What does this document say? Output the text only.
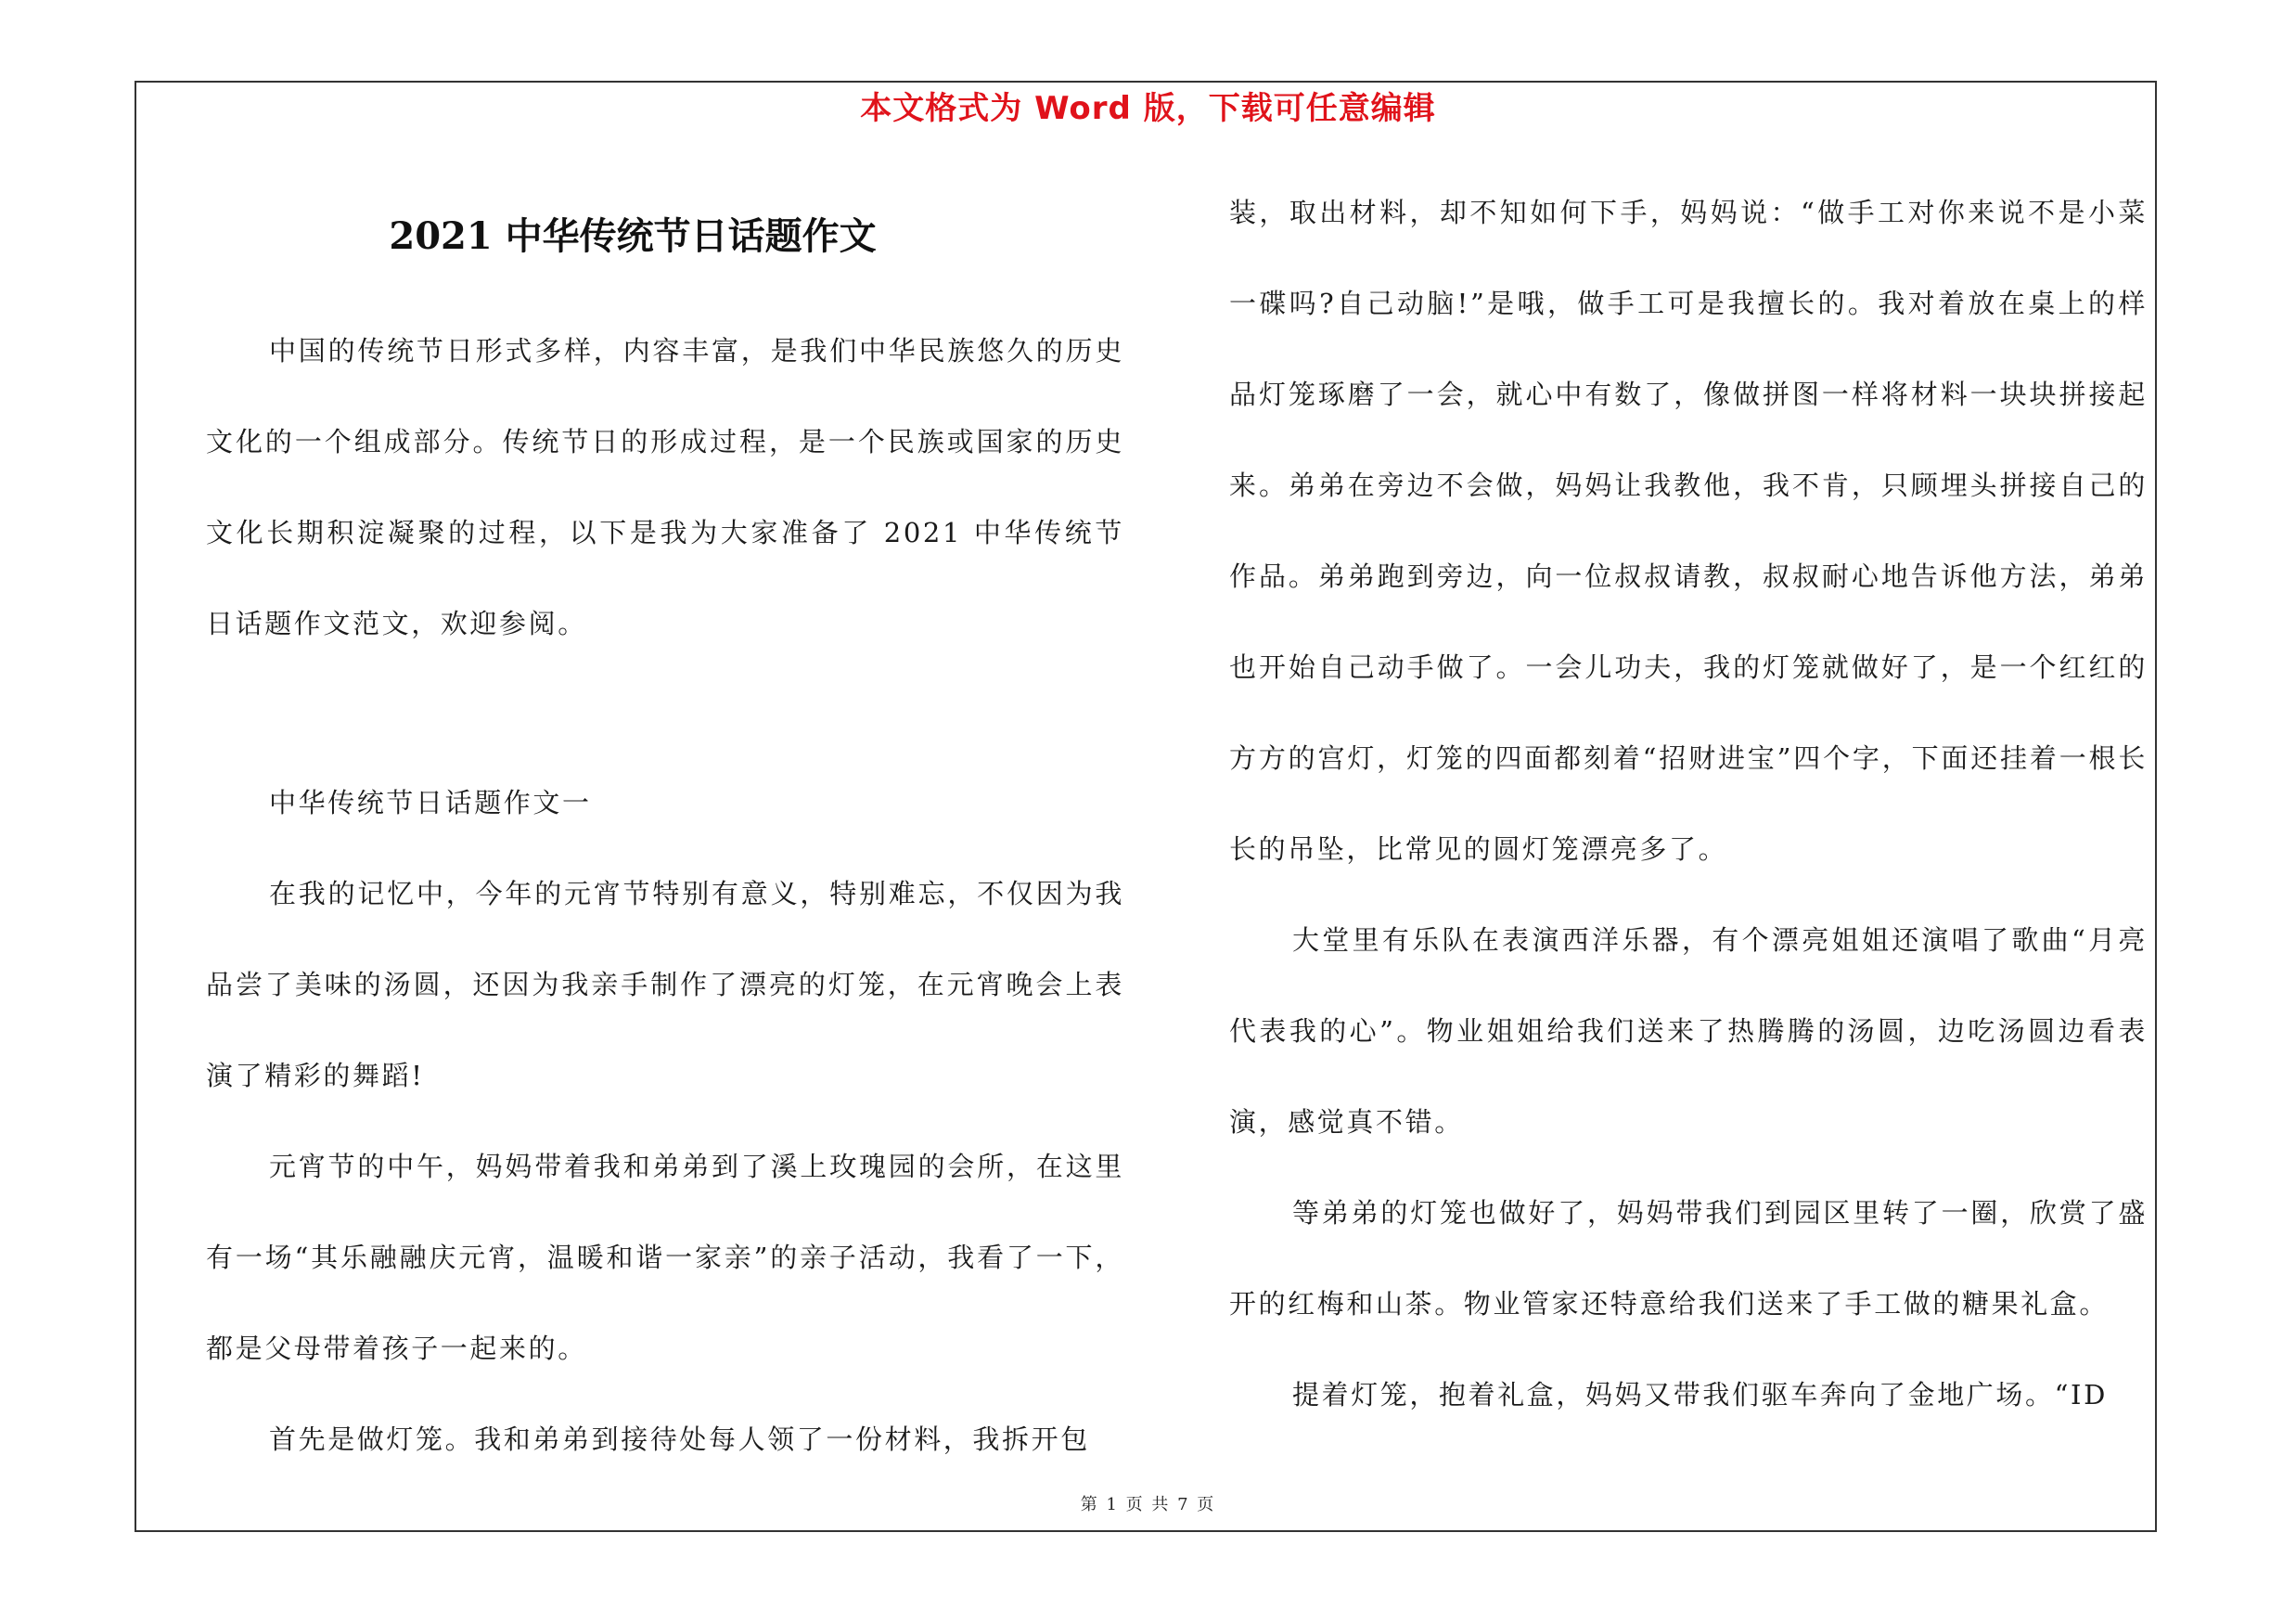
本文格式为 Word 版，下载可任意编辑
2021 中华传统节日话题作文
中国的传统节日形式多样，内容丰富，是我们中华民族悠久的历史文化的一个组成部分。传统节日的形成过程，是一个民族或国家的历史文化长期积淀凝聚的过程，以下是我为大家准备了 2021 中华传统节日话题作文范文，欢迎参阅。
中华传统节日话题作文一
在我的记忆中，今年的元宵节特别有意义，特别难忘，不仅因为我品尝了美味的汤圆，还因为我亲手制作了漂亮的灯笼，在元宵晚会上表演了精彩的舞蹈!
元宵节的中午，妈妈带着我和弟弟到了溪上玫瑰园的会所，在这里有一场“其乐融融庆元宵，温暖和谐一家亲”的亲子活动，我看了一下，都是父母带着孩子一起来的。
首先是做灯笼。我和弟弟到接待处每人领了一份材料，我拆开包
装，取出材料，却不知如何下手，妈妈说：“做手工对你来说不是小菜一碟吗?自己动脑!”是哦，做手工可是我擅长的。我对着放在桌上的样品灯笼琢磨了一会，就心中有数了，像做拼图一样将材料一块块拼接起来。弟弟在旁边不会做，妈妈让我教他，我不肯，只顾埋头拼接自己的作品。弟弟跑到旁边，向一位叔叔请教，叔叔耐心地告诉他方法，弟弟也开始自己动手做了。一会儿功夫，我的灯笼就做好了，是一个红红的方方的宫灯，灯笼的四面都刻着“招财进宝”四个字，下面还挂着一根长长的吊坠，比常见的圆灯笼漂亮多了。
大堂里有乐队在表演西洋乐器，有个漂亮姐姐还演唱了歌曲“月亮代表我的心”。物业姐姐给我们送来了热腾腾的汤圆，边吃汤圆边看表演，感觉真不错。
等弟弟的灯笼也做好了，妈妈带我们到园区里转了一圈，欣赏了盛开的红梅和山茶。物业管家还特意给我们送来了手工做的糖果礼盒。
提着灯笼，抱着礼盒，妈妈又带我们驱车奔向了金地广场。“ID
第 1 页 共 7 页
